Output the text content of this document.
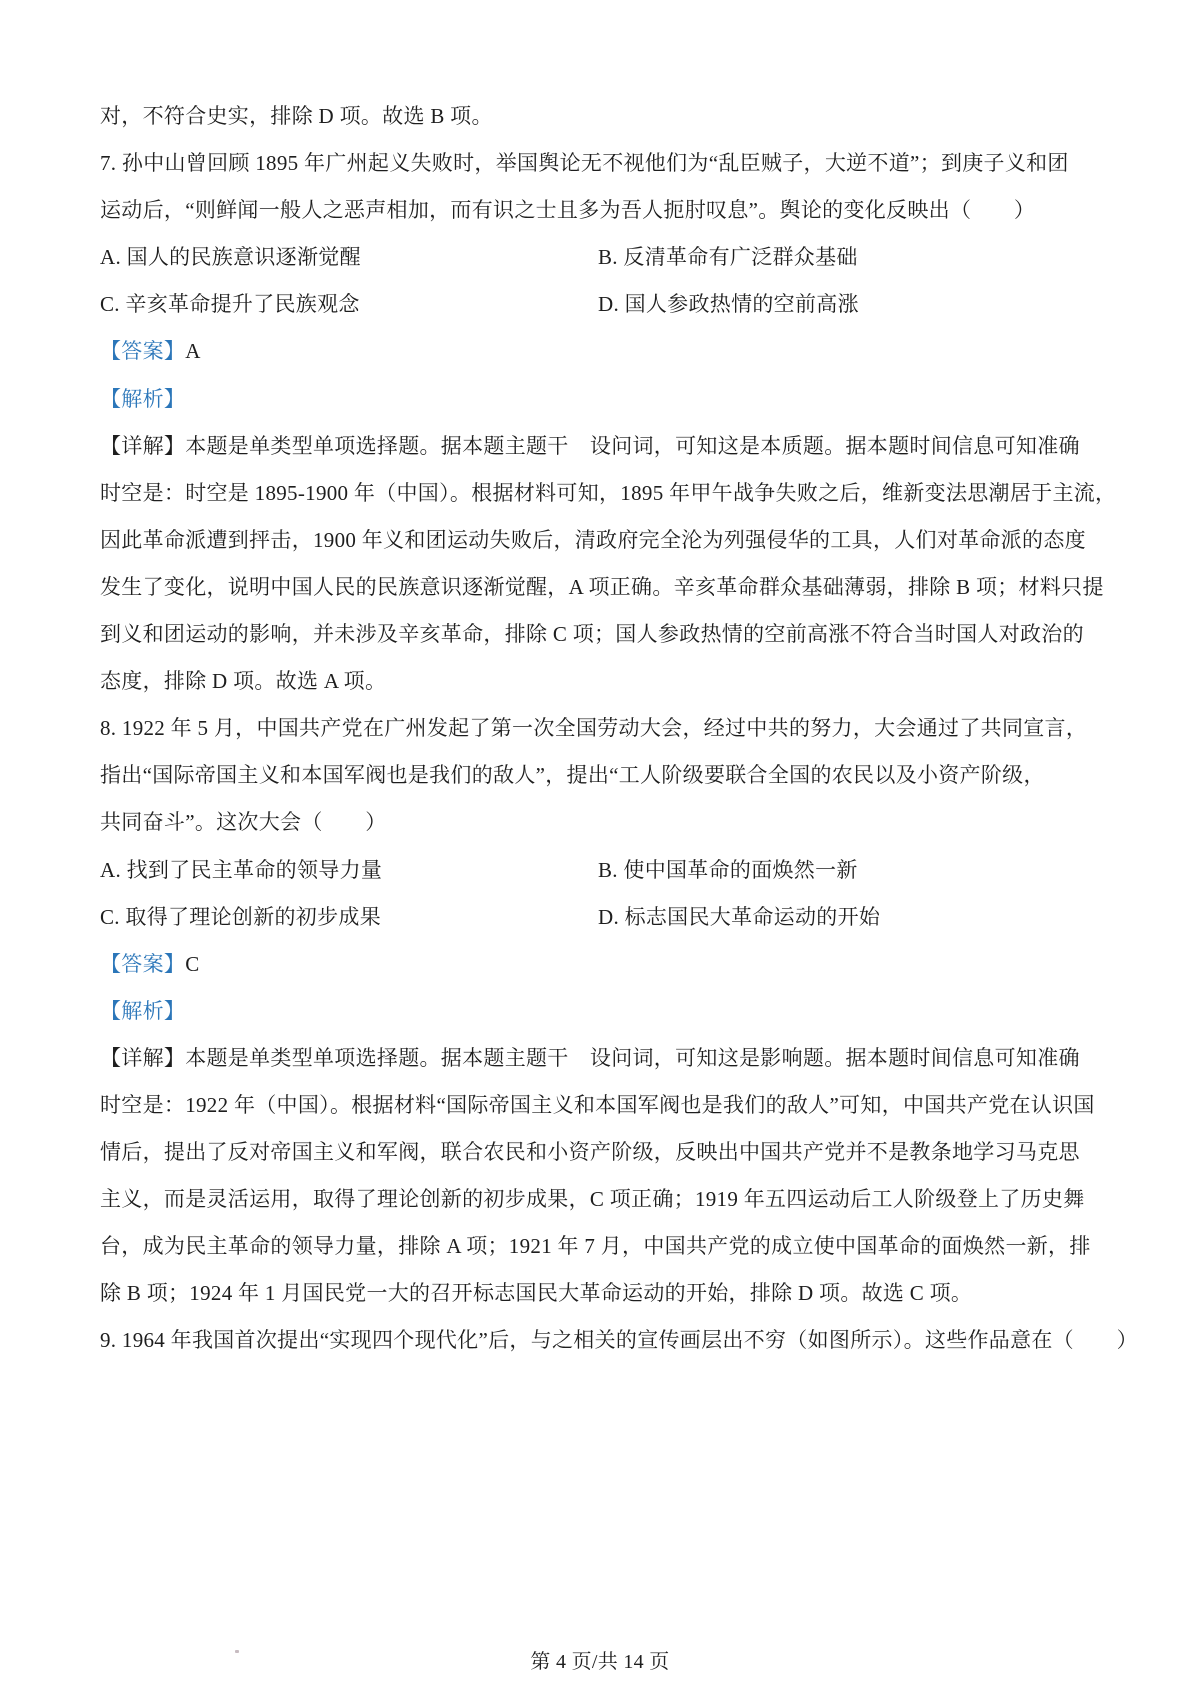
对，不符合史实，排除 D 项。故选 B 项。
7. 孙中山曾回顾 1895 年广州起义失败时，举国舆论无不视他们为“乱臣贼子，大逆不道”；到庚子义和团
运动后，“则鲜闻一般人之恶声相加，而有识之士且多为吾人扼肘叹息”。舆论的变化反映出（　　）
A. 国人的民族意识逐渐觉醒	B. 反清革命有广泛群众基础
C. 辛亥革命提升了民族观念	D. 国人参政热情的空前高涨
【答案】A
【解析】
【详解】本题是单类型单项选择题。据本题主题干　设问词，可知这是本质题。据本题时间信息可知准确
时空是：时空是 1895-1900 年（中国）。根据材料可知，1895 年甲午战争失败之后，维新变法思潮居于主流，
因此革命派遭到抨击，1900 年义和团运动失败后，清政府完全沦为列强侵华的工具，人们对革命派的态度
发生了变化，说明中国人民的民族意识逐渐觉醒，A 项正确。辛亥革命群众基础薄弱，排除 B 项；材料只提
到义和团运动的影响，并未涉及辛亥革命，排除 C 项；国人参政热情的空前高涨不符合当时国人对政治的
态度，排除 D 项。故选 A 项。
8. 1922 年 5 月，中国共产党在广州发起了第一次全国劳动大会，经过中共的努力，大会通过了共同宣言，
指出“国际帝国主义和本国军阀也是我们的敌人”，提出“工人阶级要联合全国的农民以及小资产阶级，
共同奋斗”。这次大会（　　）
A. 找到了民主革命的领导力量	B. 使中国革命的面焕然一新
C. 取得了理论创新的初步成果	D. 标志国民大革命运动的开始
【答案】C
【解析】
【详解】本题是单类型单项选择题。据本题主题干　设问词，可知这是影响题。据本题时间信息可知准确
时空是：1922 年（中国）。根据材料“国际帝国主义和本国军阀也是我们的敌人”可知，中国共产党在认识国
情后，提出了反对帝国主义和军阀，联合农民和小资产阶级，反映出中国共产党并不是教条地学习马克思
主义，而是灵活运用，取得了理论创新的初步成果，C 项正确；1919 年五四运动后工人阶级登上了历史舞
台，成为民主革命的领导力量，排除 A 项；1921 年 7 月，中国共产党的成立使中国革命的面焕然一新，排
除 B 项；1924 年 1 月国民党一大的召开标志国民大革命运动的开始，排除 D 项。故选 C 项。
9. 1964 年我国首次提出“实现四个现代化”后，与之相关的宣传画层出不穷（如图所示）。这些作品意在（　　）
第 4 页/共 14 页
